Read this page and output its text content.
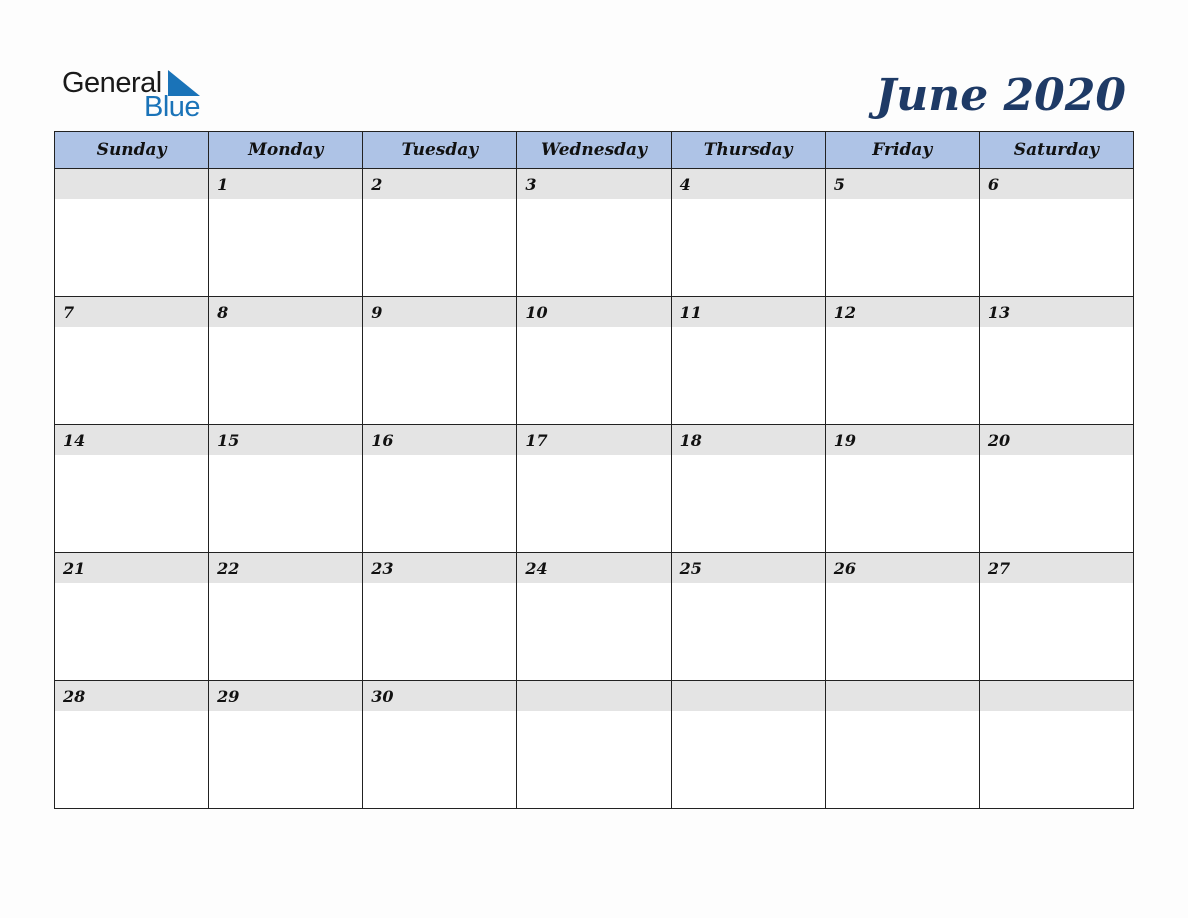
General
Blue	June 2020
Sunday	Monday	Tuesday	Wednesday	Thursday	Friday	Saturday

	1	2	3	4	5	6

7	8	9	10	11	12	13

14	15	16	17	18	19	20

21	22	23	24	25	26	27

28	29	30				
